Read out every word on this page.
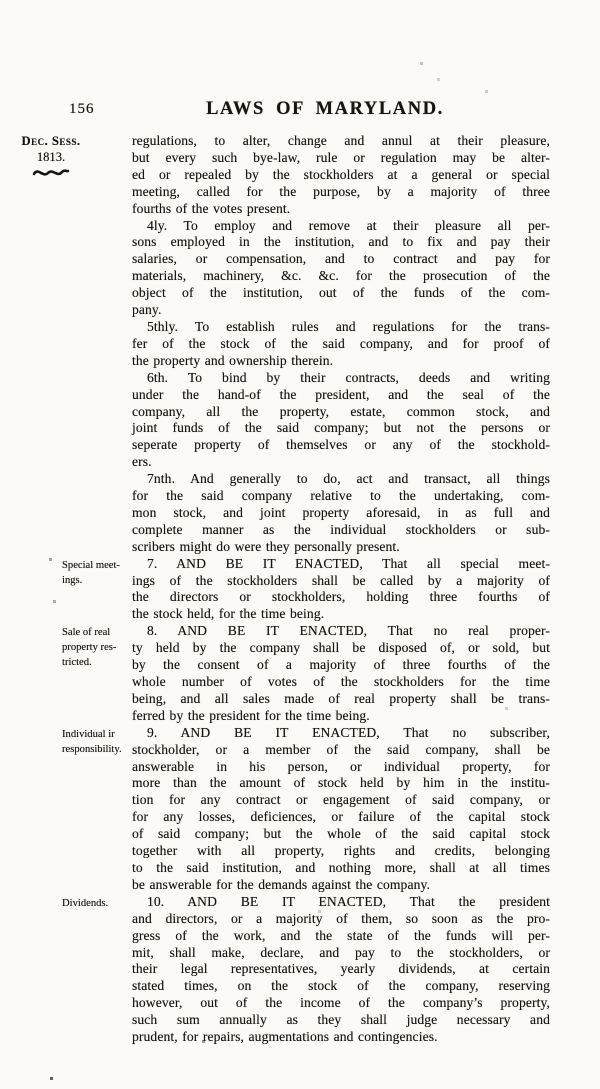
156	LAWS OF MARYLAND.
Dec. Sess.
1813.
regulations, to alter, change and annul at their pleasure,
but every such bye-law, rule or regulation may be alter-
ed or repealed by the stockholders at a general or special
meeting, called for the purpose, by a majority of three
fourths of the votes present.
4ly. To employ and remove at their pleasure all per-
sons employed in the institution, and to fix and pay their
salaries, or compensation, and to contract and pay for
materials, machinery, &c. &c. for the prosecution of the
object of the institution, out of the funds of the com-
pany.
5thly. To establish rules and regulations for the trans-
fer of the stock of the said company, and for proof of
the property and ownership therein.
6th. To bind by their contracts, deeds and writing
under the hand-of the president, and the seal of the
company, all the property, estate, common stock, and
joint funds of the said company; but not the persons or
seperate property of themselves or any of the stockhold-
ers.
7nth. And generally to do, act and transact, all things
for the said company relative to the undertaking, com-
mon stock, and joint property aforesaid, in as full and
complete manner as the individual stockholders or sub-
scribers might do were they personally present.
Special meet-
ings.
7. AND BE IT ENACTED, That all special meet-
ings of the stockholders shall be called by a majority of
the directors or stockholders, holding three fourths of
the stock held, for the time being.
Sale of real
property res-
tricted.
8. AND BE IT ENACTED, That no real proper-
ty held by the company shall be disposed of, or sold, but
by the consent of a majority of three fourths of the
whole number of votes of the stockholders for the time
being, and all sales made of real property shall be trans-
ferred by the president for the time being.
Individual ir
responsibility.
9. AND BE IT ENACTED, That no subscriber,
stockholder, or a member of the said company, shall be
answerable in his person, or individual property, for
more than the amount of stock held by him in the institu-
tion for any contract or engagement of said company, or
for any losses, deficiences, or failure of the capital stock
of said company; but the whole of the said capital stock
together with all property, rights and credits, belonging
to the said institution, and nothing more, shall at all times
be answerable for the demands against the company.
Dividends.	10. AND BE IT ENACTED, That the president
and directors, or a majority of them, so soon as the pro-
gress of the work, and the state of the funds will per-
mit, shall make, declare, and pay to the stockholders, or
their legal representatives, yearly dividends, at certain
stated times, on the stock of the company, reserving
however, out of the income of the company’s property,
such sum annually as they shall judge necessary and
prudent, for repairs, augmentations and contingencies.
